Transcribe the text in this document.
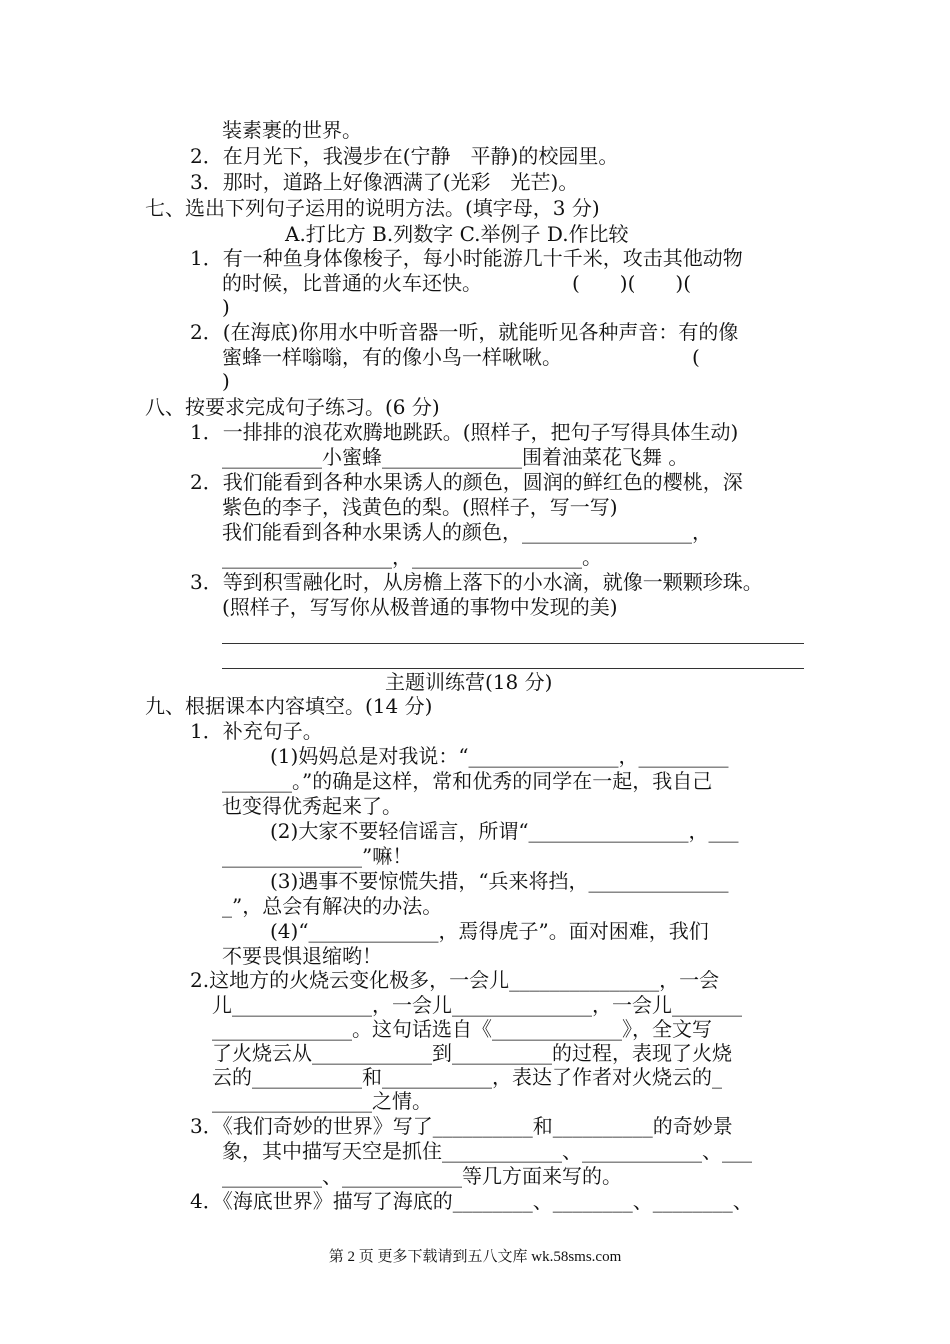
装素裹的世界。
2．在月光下，我漫步在(宁静　平静)的校园里。
3．那时，道路上好像洒满了(光彩　光芒)。
七、选出下列句子运用的说明方法。(填字母，3 分)
A.打比方 B.列数字 C.举例子 D.作比较
1．有一种鱼身体像梭子，每小时能游几十千米，攻击其他动物
的时候，比普通的火车还快。　　　　　(　　)(　　)(
)
2．(在海底)你用水中听音器一听，就能听见各种声音：有的像
蜜蜂一样嗡嗡，有的像小鸟一样啾啾。　　　　　　　(
)
八、按要求完成句子练习。(6 分)
1．一排排的浪花欢腾地跳跃。(照样子，把句子写得具体生动)
__________小蜜蜂______________围着油菜花飞舞 。
2．我们能看到各种水果诱人的颜色，圆润的鲜红色的樱桃，深
紫色的李子，浅黄色的梨。(照样子，写一写)
我们能看到各种水果诱人的颜色，_________________，
_________________，_________________。
3．等到积雪融化时，从房檐上落下的小水滴，就像一颗颗珍珠。
(照样子，写写你从极普通的事物中发现的美)
主题训练营(18 分)
九、根据课本内容填空。(14 分)
1．补充句子。
(1)妈妈总是对我说：“_______________，_________
_______。”的确是这样，常和优秀的同学在一起，我自己
也变得优秀起来了。
(2)大家不要轻信谣言，所谓“________________，___
______________”嘛！
(3)遇事不要惊慌失措，“兵来将挡，______________
_”，总会有解决的办法。
(4)“_____________，焉得虎子”。面对困难，我们
不要畏惧退缩哟！
2.这地方的火烧云变化极多，一会儿_______________，一会
儿______________，一会儿______________，一会儿_______
______________。这句话选自《_____________》，全文写
了火烧云从____________到__________的过程，表现了火烧
云的___________和___________，表达了作者对火烧云的_
________________之情。
3．《我们奇妙的世界》写了__________和__________的奇妙景
象，其中描写天空是抓住____________、____________、___
__________、____________等几方面来写的。
4．《海底世界》描写了海底的________、________、________、
第 2 页 更多下载请到五八文库 wk.58sms.com
